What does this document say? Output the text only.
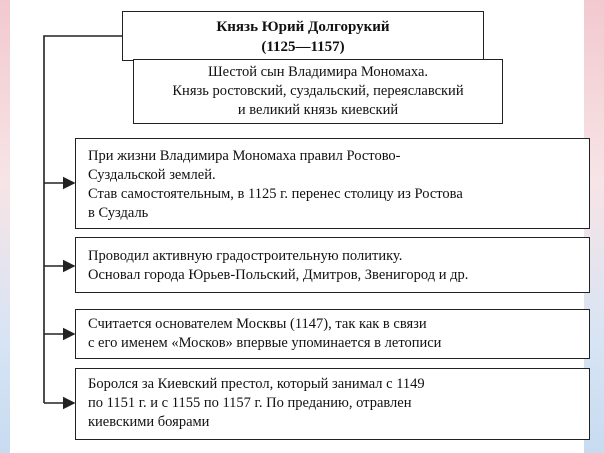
Князь Юрий Долгорукий
(1125—1157)
Шестой сын Владимира Мономаха.
Князь ростовский, суздальский, переяславский
и великий князь киевский
При жизни Владимира Мономаха правил Ростово-
Суздальской землей.
Став самостоятельным, в 1125 г. перенес столицу из Ростова
в Суздаль
Проводил активную градостроительную политику.
Основал города Юрьев-Польский, Дмитров, Звенигород и др.
Считается основателем Москвы (1147), так как в связи
с его именем «Москов» впервые упоминается в летописи
Боролся за Киевский престол, который занимал с 1149
по 1151 г. и с 1155 по 1157 г. По преданию, отравлен
киевскими боярами
